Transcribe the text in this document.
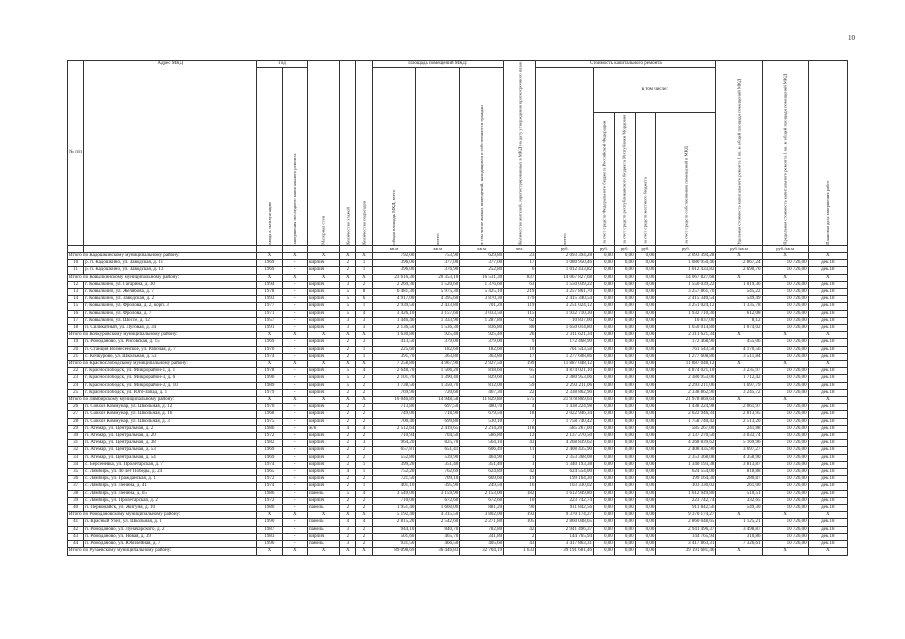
10
№ п/п	Адрес МКД	Год		Материал стен	Количество этажей	Количество подъездов	Площадь помещений МКД:			Количество жителей, зарегистрированных в МКД на дату утверждения краткосрочного плана	Стоимость капитального ремонта					Удельная стоимость капитального ремонта 1 кв. м общей площади помещений МКД	Предельная стоимость капитального ремонта 1 кв. м общей площади помещений МКД	Плановая дата завершения работ
		ввода в эксплуатацию	завершения последнего капитального ремонта				общая площадь МКД, всего	всего:	в том числе жилых помещений, находящихся в собственности граждан		всего:	в том числе:						
												за счет средств Федерального бюджета Российской Федерации	за счет средств республиканского бюджета Республики Мордовия	за счет средств местного бюджета	за счет средств собственников помещений в МКД			
							кв.м	кв.м	кв.м	чел.	руб.	руб.	руб.	руб.	руб.	руб./кв.м	руб./кв.м	
Итого по Кадошкинскому муниципальному району:		X	X	X	X	X	792,00	753,90	629,80	23	2 093 394,28	0,00	0,00	0,00	2 093 394,28	X	X	X
10	р. п. Кадошкино, ул. Заводская, д. 11	1969	-	кирпич	2	1	396,00	377,00	377,00	17	1 080 950,46	0,00	0,00	0,00	1 080 950,46	2 867,24	10 726,00	дек.18
11	р. п. Кадошкино, ул. Заводская, д. 13	1969	-	кирпич	2	1	396,00	376,90	252,80	6	1 012 433,82	0,00	0,00	0,00	1 012 433,82	2 690,70	10 726,00	дек.18
Итого по Ковылкинскому муниципальному району:		X	X	X	X	X	23 616,30	20 353,10	16 531,30	837	14 067 827,68	0,00	0,00	0,00	14 067 827,68	X	X	X
12	г. Ковылкино, ул. Гагарина, д. 30	1994	-	кирпич	3	2	2 269,30	1 520,60	1 376,60	63	1 550 039,22	0,00	0,00	0,00	1 550 039,22	1 019,36	10 726,00	дек.18
13	г. Ковылкино, ул. Желябова, д. 7	1978	-	кирпич	5	8	6 481,30	5 975,30	5 425,10	219	3 257 861,70	0,00	0,00	0,00	3 257 861,70	545,22	10 726,00	дек.18
14	г. Ковылкино, ул. Заводская, д. 2	1993	-	кирпич	5	6	4 917,00	4 395,60	3 870,30	179	2 415 340,54	0,00	0,00	0,00	2 415 340,54	549,49	10 726,00	дек.18
15	г. Ковылкино, ул. Фролова, д. 2, корп. 3	1977	-	кирпич	5	1	2 939,50	2 433,80	701,20	119	3 251 024,12	0,00	0,00	0,00	3 251 024,12	1 335,78	10 726,00	дек.18
16	г. Ковылкино, ул. Фролова, д. 7	1971	-	кирпич	5	4	3 426,10	3 157,60	3 033,50	115	1 932 710,30	0,00	0,00	0,00	1 932 710,30	612,08	10 726,00	дек.18
17	г. Ковылкино, ул. Шоссе, д. 12	1957	-	кирпич	3	3	1 446,40	1 333,90	1 287,80	62	10 837,00	0,00	0,00	0,00	10 837,00	8,12	10 726,00	дек.18
18	п. Силикатный, ул. Луговая, д. 34	1991	-	кирпич	3	3	2 136,50	1 536,30	836,80	80	1 650 014,80	0,00	0,00	0,00	1 650 014,80	1 074,02	10 726,00	дек.18
Итого по Кочкуровскому муниципальному району:		X	X	X	X	X	1 630,80	925,40	925,40	26	2 311 621,34	0,00	0,00	0,00	2 311 621,34	X	X	X
19	п. Ромоданово, ул. Рисовская, д. 15	1969	-	кирпич	2	3	413,50	379,00	379,00	9	172 468,90	0,00	0,00	0,00	172 468,90	455,06	10 726,00	дек.18
20	п. Станция Вознесенское, ул. Рабочая, д. 7	1970	-	кирпич	2	1	225,60	182,60	182,60	10	761 543,58	0,00	0,00	0,00	761 543,58	4 170,56	10 726,00	дек.18
21	с. Кочкурово, ул. Школьная, д. 53	1974	-	кирпич	2	1	391,70	363,80	363,80	17	1 277 608,86	0,00	0,00	0,00	1 277 608,86	3 511,84	10 726,00	дек.18
Итого по Краснослободскому муниципальному району:		X	X	X	X	X	7 258,80	4 967,90	2 927,50	199	11 887 048,12	0,00	0,00	0,00	11 887 048,12	X	X	X
22	г. Краснослободск, ул. Микрорайон-1, д. 1	1978	-	кирпич	5	4	2 648,70	1 506,20	818,60	65	4 874 021,10	0,00	0,00	0,00	4 874 021,10	3 235,97	10 726,00	дек.18
23	г. Краснослободск, ул. Микрорайон-3, д. 6	1990	-	кирпич	5	2	2 101,70	1 390,40	829,60	53	2 380 953,06	0,00	0,00	0,00	2 380 953,06	1 712,42	10 726,00	дек.18
24	г. Краснослободск, ул. Микрорайон-3, д. 10	1989	-	кирпич	5	2	1 738,50	1 350,70	812,00	59	2 293 211,06	0,00	0,00	0,00	2 293 211,06	1 697,79	10 726,00	дек.18
25	г. Краснослободск, ул. Юго-Запад, д. 1	1979	-	кирпич	2	2	769,90	720,60	467,30	22	2 338 862,90	0,00	0,00	0,00	2 338 862,90	3 245,72	10 726,00	дек.18
Итого по Лямбирскому муниципальному району:		X	X	X	X	X	16 046,89	14 948,58	11 829,88	575	21 978 869,64	0,00	0,00	0,00	21 978 869,64	X	X	X
26	п. Совхоз Коммунар, ул. Школьная, д. 12	1970	-	кирпич	2	2	713,80	697,50	480,70	4	1 438 224,98	0,00	0,00	0,00	1 438 224,98	2 061,97	10 726,00	дек.18
27	п. Совхоз Коммунар, ул. Школьная, д. 16	1968	-	кирпич	2	2	749,00	718,90	679,50	18	2 022 946,34	0,00	0,00	0,00	2 022 946,34	2 813,95	10 726,00	дек.18
28	п. Совхоз Коммунар, ул. Школьная, д. 3	1975	-	кирпич	2	2	700,40	699,80	530,10	7	1 758 740,42	0,00	0,00	0,00	1 758 740,42	2 513,20	10 726,00	дек.18
29	п. Атемар, ул. Центральная, д. 2	1986	-	ж/б	4	4	2 512,64	2 419,65	2 214,20	118	585 267,00	0,00	0,00	0,00	585 267,00	241,88	10 726,00	дек.18
30	п. Атемар, ул. Центральная, д. 20	1972	-	кирпич	2	2	710,94	704,50	586,80	12	2 137 270,50	0,00	0,00	0,00	2 137 270,50	3 033,74	10 726,00	дек.18
31	п. Атемар, ул. Центральная, д. 38	1982	-	кирпич	2	3	964,20	825,70	564,10	43	4 268 839,62	0,00	0,00	0,00	4 268 839,62	5 169,96	10 726,00	дек.18
32	п. Атемар, ул. Центральная, д. 53	1969	-	кирпич	2	2	657,81	651,41	606,49	11	2 408 435,90	0,00	0,00	0,00	2 408 435,90	3 697,27	10 726,00	дек.18
33	п. Атемар, ул. Центральная, д. 54	1969	-	кирпич	2	2	552,80	539,90	464,90	1	2 353 368,08	0,00	0,00	0,00	2 353 368,08	4 358,90	10 726,00	дек.18
34	с. Берсеневка, ул. Пролетарская, д. 7	1974	-	кирпич	2	1	399,20	351,40	351,40	1	1 340 193,38	0,00	0,00	0,00	1 340 193,38	3 813,87	10 726,00	дек.18
35	с. Лямбирь, ул. 40 лет Победы, д. 24	1965	-	кирпич	4	1	752,20	762,69	624,89	42	624 554,00	0,00	0,00	0,00	624 554,00	818,88	10 726,00	дек.18
36	с. Лямбирь, ул. Гражданская, д. 1	1972	-	кирпич	2	2	721,50	709,10	669,60	19	199 164,30	0,00	0,00	0,00	199 164,30	280,87	10 726,00	дек.18
37	с. Лямбирь, ул. Ленина, д. 41	1974	-	кирпич	2	1	401,10	395,90	249,50	16	103 330,02	0,00	0,00	0,00	103 330,02	261,00	10 726,00	дек.18
38	с. Лямбирь, ул. Ленина, д. 65	1986	-	панель	5	4	3 549,00	3 159,90	2 153,00	182	1 612 949,80	0,00	0,00	0,00	1 612 949,80	510,51	10 726,00	дек.18
39	с. Лямбирь, ул. Пролетарская, д. 2	1972	-	кирпич	2	2	710,00	672,60	672,60	10	223 742,74	0,00	0,00	0,00	223 742,74	332,65	10 726,00	дек.18
40	п. Первомайск, ул. Жигуня, д. 10	1980	-	панель	2	2	1 951,40	1 660,00	881,20	90	911 842,56	0,00	0,00	0,00	911 842,56	549,30	10 726,00	дек.18
Итого по Ромодановскому муниципальному району:		X	X	X	X	X	5 192,40	4 315,50	3 802,00	192	9 370 174,27	0,00	0,00	0,00	9 370 174,27	X	X	X
41	п. Красный Узел, ул. Школьная, д. 1	1990	-	панель	4	4	2 815,20	2 542,60	2 271,80	105	2 860 048,65	0,00	0,00	0,00	2 860 048,65	1 125,21	10 726,00	дек.18
42	п. Ромоданово, ул. Луначарского, д. 2	1987	-	панель	3	2	944,10	840,70	782,80	42	2 941 496,37	0,00	0,00	0,00	2 941 496,37	3 498,87	10 726,00	дек.18
43	п. Ромоданово, ул. Новая, д. 39	1983	-	кирпич	2	2	501,60	465,70	341,80	2	144 765,94	0,00	0,00	0,00	144 765,94	310,86	10 726,00	дек.18
44	п. Ромоданово, ул. Юбилейная, д. 7	1996	-	панель	3	2	931,50	466,50	405,60	43	3 417 863,31	0,00	0,00	0,00	3 417 863,31	7 326,61	10 726,00	дек.18
Итого по Рузаевскому муниципальному району:		X	X	X	X	X	89 098,69	36 446,83	32 704,19	1 633	39 191 681,46	0,00	0,00	0,00	39 191 681,46	X	X	X
